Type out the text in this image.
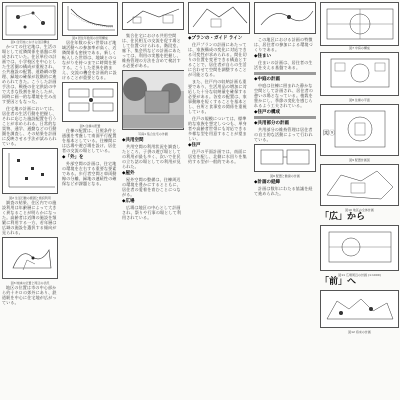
図1 住宅地における住区構成

かつての住宅地は、生活の場として近隣関係を基盤に形成されていた。住区単位の計画では、小学校区を中心とした生活圏の構成が重視され、公共施設の配置、道路網の整理、緑地の確保が段階的に進められてきた。こうした計画手法は、戦後の住宅供給の中で大きな役割を果たしたが、同時に画一的な環境を生み出す要因ともなった。

住宅地の計画においては、居住者の生活行動を把握し、それに応じた施設配置を行うことが求められる。日常的な買物、通学、通勤などの行動圏を調査し、その結果を計画に反映させる手法が試みられている。

図2 生活行動の範囲と施設利用

調査の結果、住区内での施設利用は年齢層によって大きく異なることが明らかになった。高齢者は近隣の施設を頻繁に利用する一方、若年層は広域の施設を選択する傾向が見られる。

図3 地域の位置と周辺の状況

地区の位置は市の中心部から約十キロの郊外にあり、鉄道駅を中心に住宅地が広がっている。

図4 居住年数別の世帯構成

居住年数の長い世帯ほど地域活動への参加率が高く、近隣関係も密接である。新しく転入した世帯は、地域とのつながりを持つまでに時間を要する。こうした差異を踏まえ、交流の機会を計画的に設けることが重要となる。

図5 住棟の配置

住棟の配置は、日照条件と通風を考慮して南面平行配置を基本としている。住棟間には広場や遊び場を設け、居住者の交流の場としている。

◆「外」を

外部空間の計画は、住宅地の環境を左右する重要な要素である。歩行者空間と車両動線の分離、緑地の連続性の確保などが課題となる。

集合住宅における共用空間は、住民相互の交流を促す場として位置づけられる。階段室、廊下、集会所などの計画にあたっては、利用の実態を把握し、維持管理の方法を含めて検討する必要がある。

写真1 集合住宅の外観
◆共用空間

共用空間の利用状況を調査したところ、子供の遊び場としての利用が最も多く、次いで住民の立ち話の場としての利用が見られた。

◆屋外

屋外空間の整備は、住棟周辺の環境を豊かにするとともに、居住者の愛着を育むことにつながる。

◆広場

広場は地区の中心として計画され、祭りや行事の場として利用されている。

◆プランの・ガイド ライン

住戸プランの計画にあたっては、家族構成の変化に対応できる可変性が求められる。間仕切りの位置を変更できる構造とすることで、居住者が自らの生活に合わせて空間を調整することが可能となる。

また、住戸内の収納計画も重要であり、生活用品の増加に対応した十分な収納量を確保する必要がある。各室の配置は、家事動線を短くすることを基本とし、台所と食事室の関係を重視している。

住戸の規模については、標準的な家族を想定しつつも、単身者や高齢者世帯にも対応できる多様な型を用意することが望ましい。

◆住戸

住戸の平面計画では、南面に居室を配し、北側に水回りを集約する型が一般的である。

この地区における計画の特徴は、居住者の参加による環境づくりである。

◆住まい

住まいの計画は、居住者の生活を支える基盤である。

◆中庭の計画

中庭は住棟に囲まれた静かな空間として計画され、居住者の憩いの場となっている。植栽を豊かにし、季節の変化を感じられるよう工夫されている。

◆住戸の構成
◆共用部分の計画

共用部分の維持管理は居住者の自主的な活動によって行われている。

図6 配置と動線の計画
◆計画の経緯

計画は数年にわたる協議を経て進められた。

図7 中庭の構成
図8 住棟の平面
図⑨
図9 配置計画図
図10 地区の全体計画
「広」から
図11 広場周辺の計画 (1:1000)
「前」へ
図12 将来の計画
